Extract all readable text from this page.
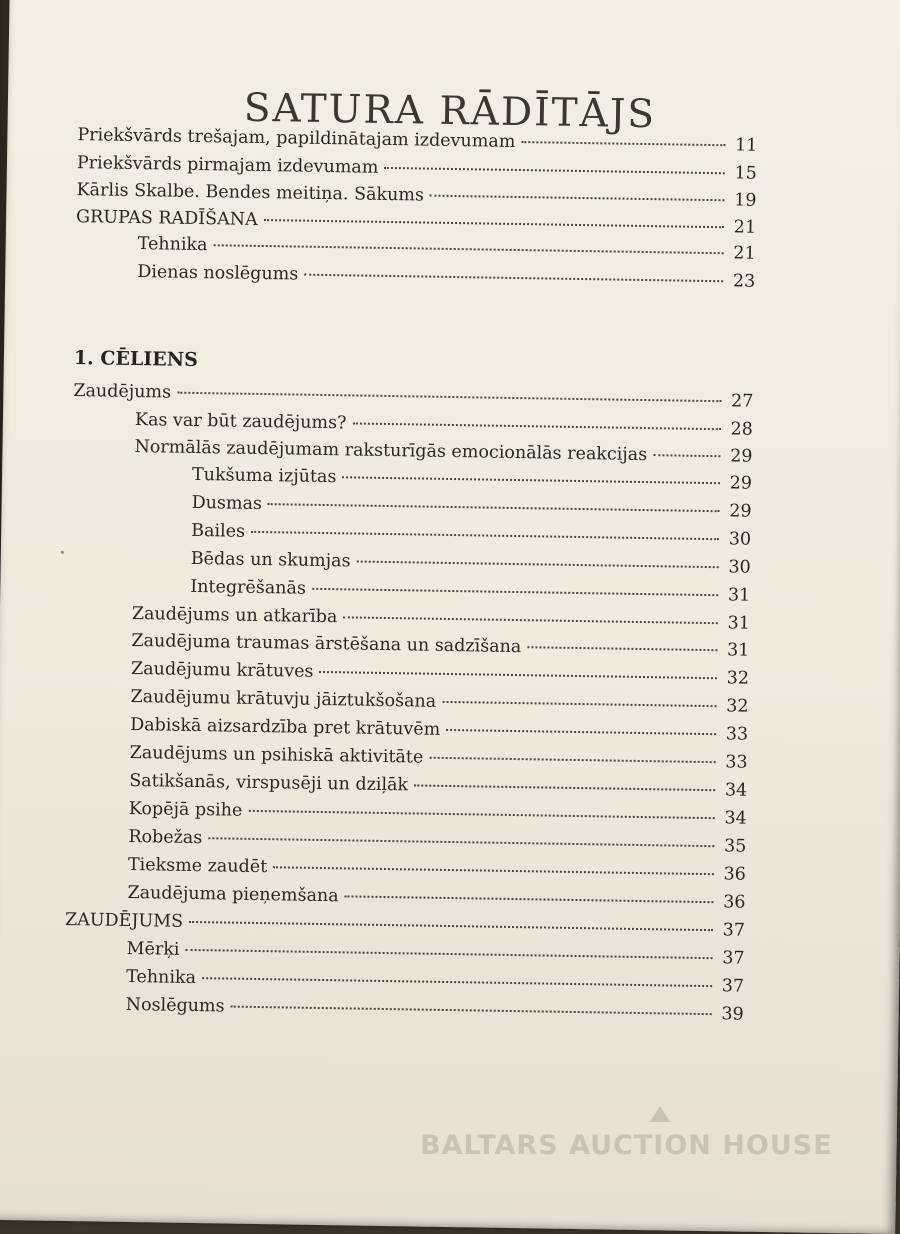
SATURA RĀDĪTĀJS
Priekšvārds trešajam, papildinātajam izdevumam	11
Priekšvārds pirmajam izdevumam	15
Kārlis Skalbe. Bendes meitiņa. Sākums	19
GRUPAS RADĪŠANA	21
Tehnika	21
Dienas noslēgums	23
1. CĒLIENS
Zaudējums	27
Kas var būt zaudējums?	28
Normālās zaudējumam raksturīgās emocionālās reakcijas	29
Tukšuma izjūtas	29
Dusmas	29
Bailes	30
Bēdas un skumjas	30
Integrēšanās	31
Zaudējums un atkarība	31
Zaudējuma traumas ārstēšana un sadzīšana	31
Zaudējumu krātuves	32
Zaudējumu krātuvju jāiztukšošana	32
Dabiskā aizsardzība pret krātuvēm	33
Zaudējums un psihiskā aktivitāte	33
Satikšanās, virspusēji un dziļāk	34
Kopējā psihe	34
Robežas	35
Tieksme zaudēt	36
Zaudējuma pieņemšana	36
ZAUDĒJUMS	37
Mērķi	37
Tehnika	37
Noslēgums	39
BALTARS AUCTION HOUSE
